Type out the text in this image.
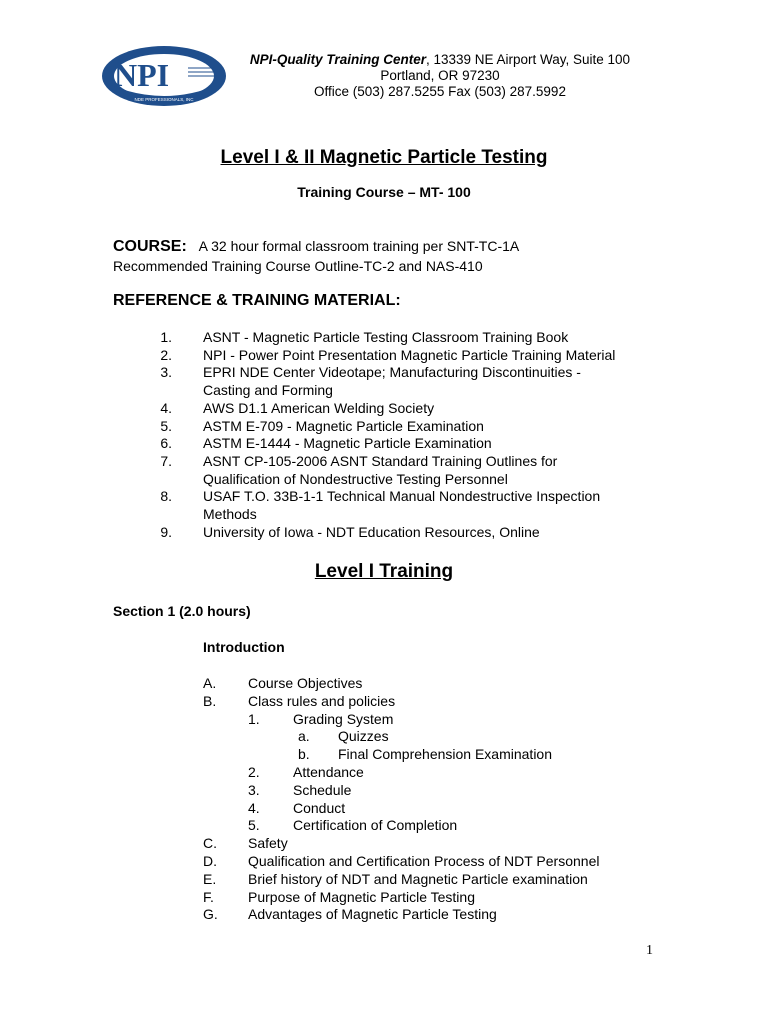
NPI
NDE PROFESSIONALS, INC
NPI-Quality Training Center, 13339 NE Airport Way, Suite 100
Portland, OR 97230
Office (503) 287.5255 Fax (503) 287.5992
Level I & II Magnetic Particle Testing
Training Course – MT- 100
COURSE: A 32 hour formal classroom training per SNT-TC-1A
Recommended Training Course Outline-TC-2 and NAS-410
REFERENCE & TRAINING MATERIAL:
1. ASNT - Magnetic Particle Testing Classroom Training Book
2. NPI - Power Point Presentation Magnetic Particle Training Material
3. EPRI NDE Center Videotape; Manufacturing Discontinuities -
Casting and Forming
4. AWS D1.1 American Welding Society
5. ASTM E-709 - Magnetic Particle Examination
6. ASTM E-1444 - Magnetic Particle Examination
7. ASNT CP-105-2006 ASNT Standard Training Outlines for
Qualification of Nondestructive Testing Personnel
8. USAF T.O. 33B-1-1 Technical Manual Nondestructive Inspection
Methods
9. University of Iowa - NDT Education Resources, Online
Level I Training
Section 1 (2.0 hours)
Introduction
A. Course Objectives
B. Class rules and policies
1. Grading System
a. Quizzes
b. Final Comprehension Examination
2. Attendance
3. Schedule
4. Conduct
5. Certification of Completion
C. Safety
D. Qualification and Certification Process of NDT Personnel
E. Brief history of NDT and Magnetic Particle examination
F. Purpose of Magnetic Particle Testing
G. Advantages of Magnetic Particle Testing
1
